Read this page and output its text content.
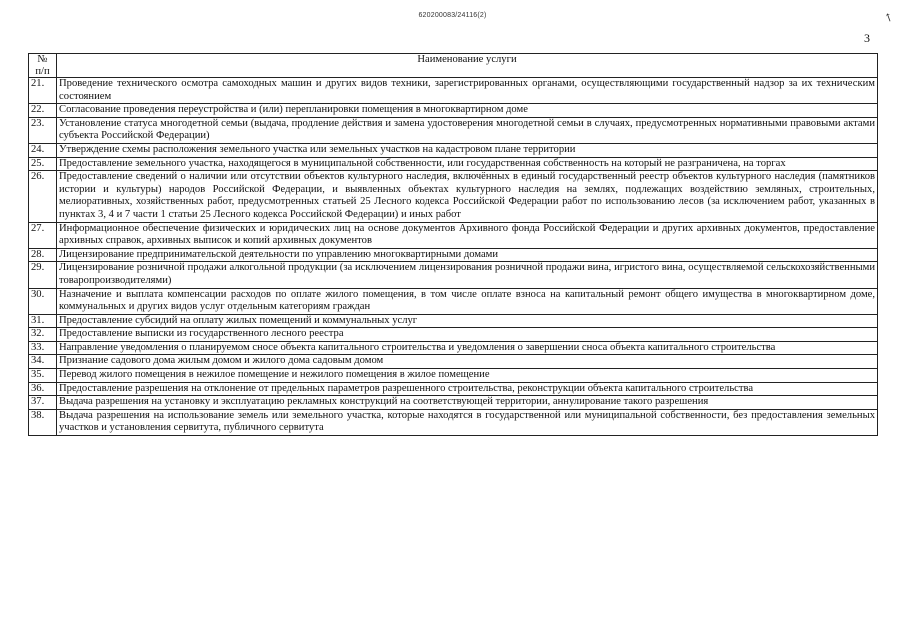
620200083/24116(2)	↖
3
№
п/п	Наименование услуги
21.	Проведение технического осмотра самоходных машин и других видов техники, зарегистрированных органами, осуществляющими государственный надзор за их техническим состоянием
22.	Согласование проведения переустройства и (или) перепланировки помещения в многоквартирном доме
23.	Установление статуса многодетной семьи (выдача, продление действия и замена удостоверения многодетной семьи в случаях, предусмотренных нормативными правовыми актами субъекта Российской Федерации)
24.	Утверждение схемы расположения земельного участка или земельных участков на кадастровом плане территории
25.	Предоставление земельного участка, находящегося в муниципальной собственности, или государственная собственность на который не разграничена, на торгах
26.	Предоставление сведений о наличии или отсутствии объектов культурного наследия, включённых в единый государственный реестр объектов культурного наследия (памятников истории и культуры) народов Российской Федерации, и выявленных объектах культурного наследия на землях, подлежащих воздействию земляных, строительных, мелиоративных, хозяйственных работ, предусмотренных статьей 25 Лесного кодекса Российской Федерации работ по использованию лесов (за исключением работ, указанных в пунктах 3, 4 и 7 части 1 статьи 25 Лесного кодекса Российской Федерации) и иных работ
27.	Информационное обеспечение физических и юридических лиц на основе документов Архивного фонда Российской Федерации и других архивных документов, предоставление архивных справок, архивных выписок и копий архивных документов
28.	Лицензирование предпринимательской деятельности по управлению многоквартирными домами
29.	Лицензирование розничной продажи алкогольной продукции (за исключением лицензирования розничной продажи вина, игристого вина, осуществляемой сельскохозяйственными товаропроизводителями)
30.	Назначение и выплата компенсации расходов по оплате жилого помещения, в том числе оплате взноса на капитальный ремонт общего имущества в многоквартирном доме, коммунальных и других видов услуг отдельным категориям граждан
31.	Предоставление субсидий на оплату жилых помещений и коммунальных услуг
32.	Предоставление выписки из государственного лесного реестра
33.	Направление уведомления о планируемом сносе объекта капитального строительства и уведомления о завершении сноса объекта капитального строительства
34.	Признание садового дома жилым домом и жилого дома садовым домом
35.	Перевод жилого помещения в нежилое помещение и нежилого помещения в жилое помещение
36.	Предоставление разрешения на отклонение от предельных параметров разрешенного строительства, реконструкции объекта капитального строительства
37.	Выдача разрешения на установку и эксплуатацию рекламных конструкций на соответствующей территории, аннулирование такого разрешения
38.	Выдача разрешения на использование земель или земельного участка, которые находятся в государственной или муниципальной собственности, без предоставления земельных участков и установления сервитута, публичного сервитута
